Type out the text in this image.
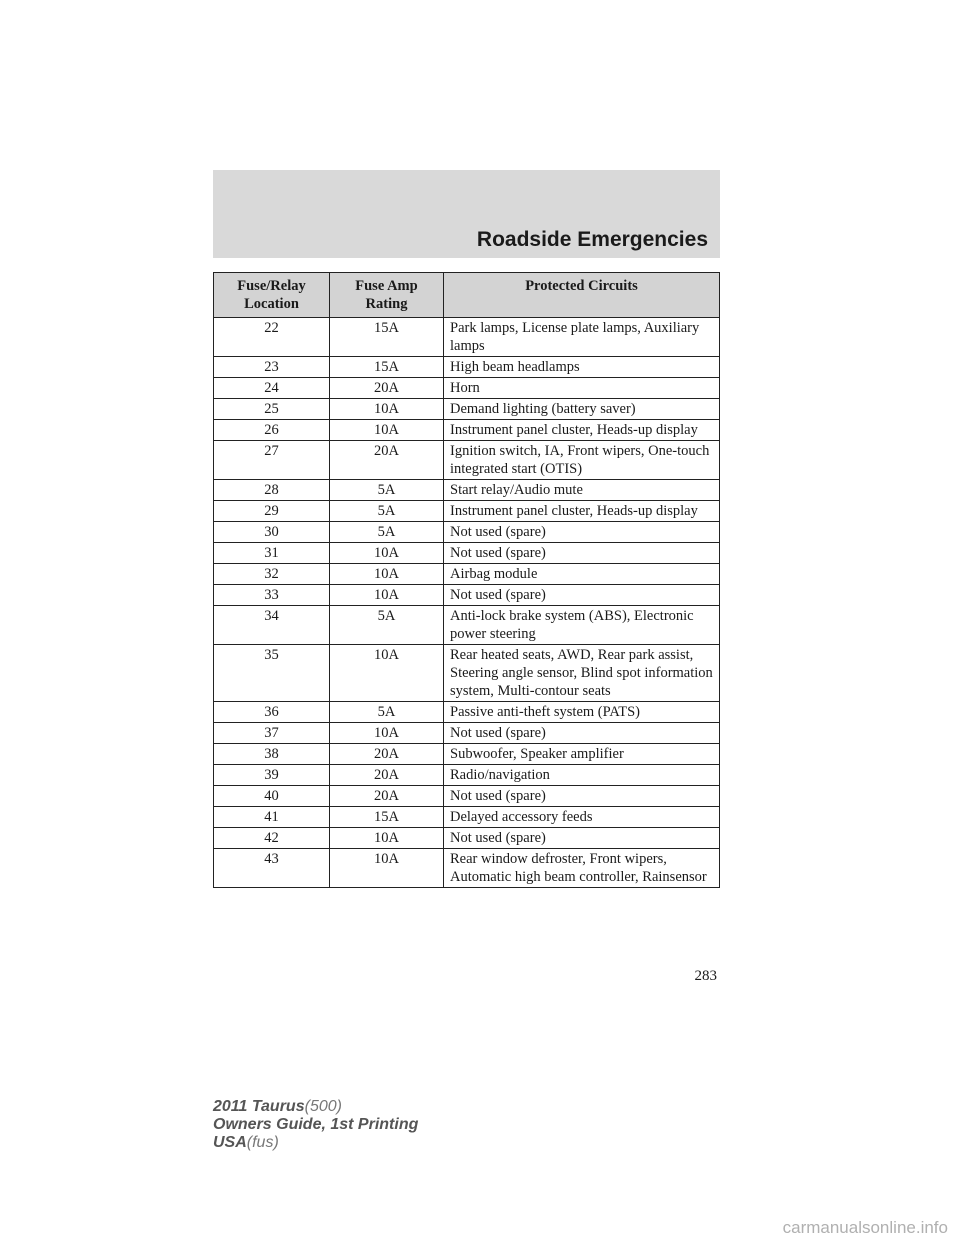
Roadside Emergencies
Fuse/Relay Location	Fuse Amp Rating	Protected Circuits
22	15A	Park lamps, License plate lamps, Auxiliary lamps
23	15A	High beam headlamps
24	20A	Horn
25	10A	Demand lighting (battery saver)
26	10A	Instrument panel cluster, Heads-up display
27	20A	Ignition switch, IA, Front wipers, One-touch integrated start (OTIS)
28	5A	Start relay/Audio mute
29	5A	Instrument panel cluster, Heads-up display
30	5A	Not used (spare)
31	10A	Not used (spare)
32	10A	Airbag module
33	10A	Not used (spare)
34	5A	Anti-lock brake system (ABS), Electronic power steering
35	10A	Rear heated seats, AWD, Rear park assist, Steering angle sensor, Blind spot information system, Multi-contour seats
36	5A	Passive anti-theft system (PATS)
37	10A	Not used (spare)
38	20A	Subwoofer, Speaker amplifier
39	20A	Radio/navigation
40	20A	Not used (spare)
41	15A	Delayed accessory feeds
42	10A	Not used (spare)
43	10A	Rear window defroster, Front wipers, Automatic high beam controller, Rainsensor
283
2011 Taurus(500)
Owners Guide, 1st Printing
USA(fus)
carmanualsonline.info
